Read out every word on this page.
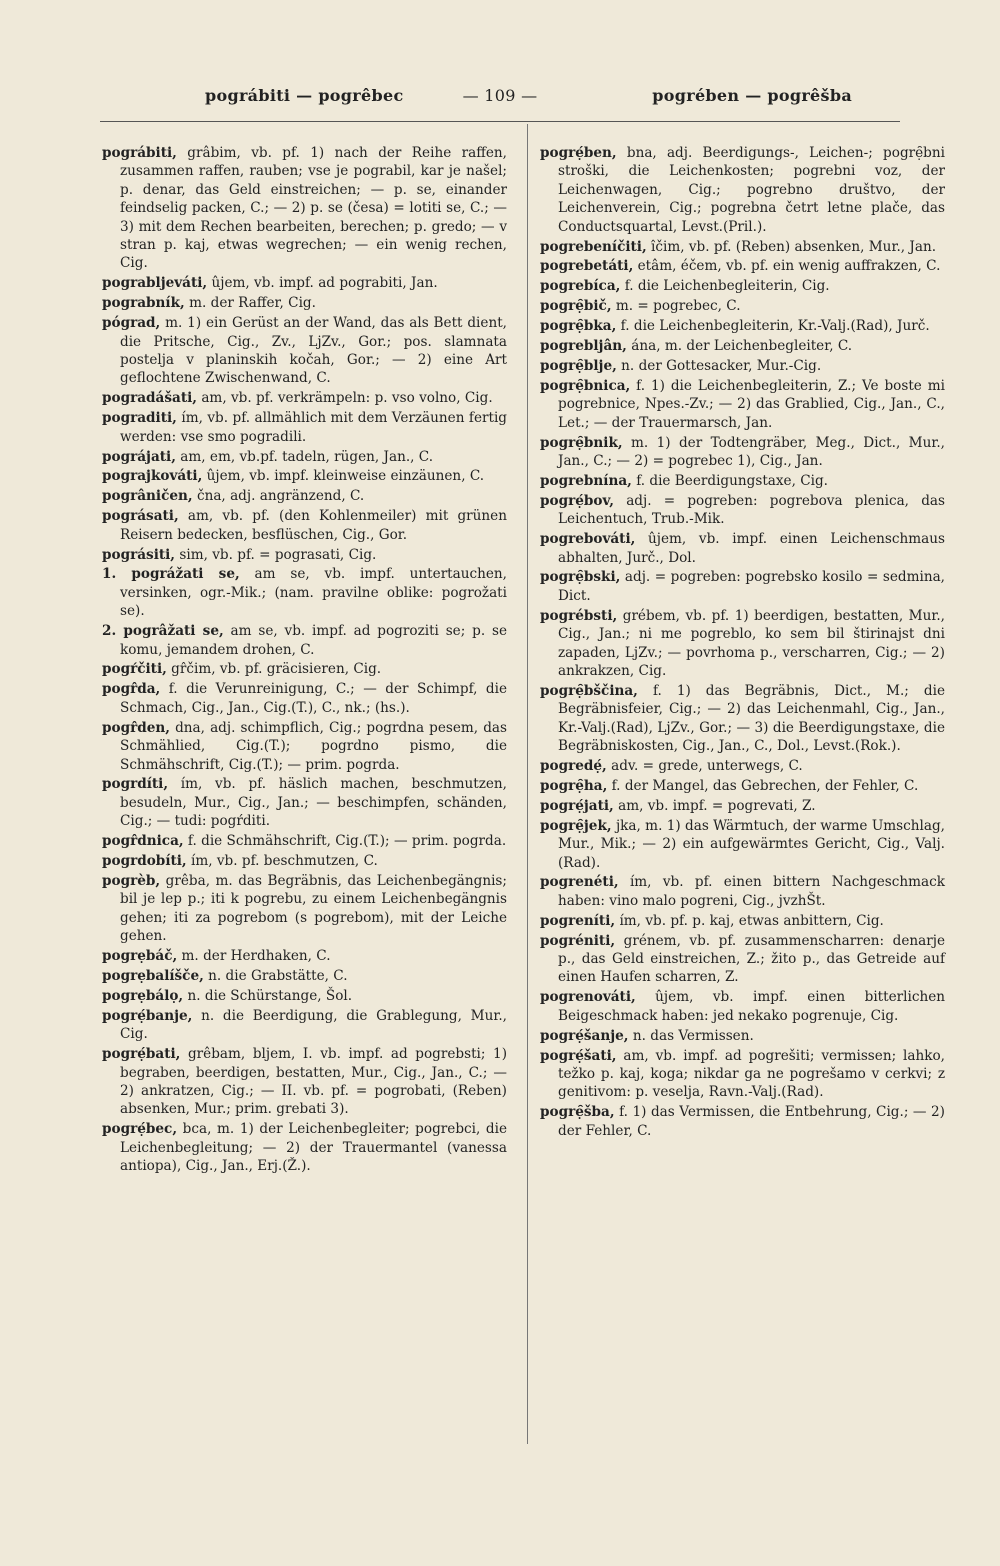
pográbiti — pogrêbec	— 109 —	pogrében — pogrêšba
pográbiti, grâbim, vb. pf. 1) nach der Reihe raffen, zusammen raffen, rauben; vse je pograbil, kar je našel; p. denar, das Geld einstreichen; — p. se, einander feindselig packen, C.; — 2) p. se (česa) = lotiti se, C.; — 3) mit dem Rechen bearbeiten, berechen; p. gredo; — v stran p. kaj, etwas wegrechen; — ein wenig rechen, Cig.
pograbljeváti, ûjem, vb. impf. ad pograbiti, Jan.
pograbník, m. der Raffer, Cig.
pógrad, m. 1) ein Gerüst an der Wand, das als Bett dient, die Pritsche, Cig., Zv., LjZv., Gor.; pos. slamnata postelja v planinskih kočah, Gor.; — 2) eine Art geflochtene Zwischenwand, C.
pogradášati, am, vb. pf. verkrämpeln: p. vso volno, Cig.
pograditi, ím, vb. pf. allmählich mit dem Verzäunen fertig werden: vse smo pogradili.
pográjati, am, em, vb.pf. tadeln, rügen, Jan., C.
pograjkováti, ûjem, vb. impf. kleinweise einzäunen, C.
pogrâničen, čna, adj. angränzend, C.
pográsati, am, vb. pf. (den Kohlenmeiler) mit grünen Reisern bedecken, besflüschen, Cig., Gor.
pográsiti, sim, vb. pf. = pograsati, Cig.
1. pográžati se, am se, vb. impf. untertauchen, versinken, ogr.-Mik.; (nam. pravilne oblike: pogrožati se).
2. pogrâžati se, am se, vb. impf. ad pogroziti se; p. se komu, jemandem drohen, C.
pogŕčiti, gr̂čim, vb. pf. gräcisieren, Cig.
pogr̂da, f. die Verunreinigung, C.; — der Schimpf, die Schmach, Cig., Jan., Cig.(T.), C., nk.; (hs.).
pogr̂den, dna, adj. schimpflich, Cig.; pogrdna pesem, das Schmählied, Cig.(T.); pogrdno pismo, die Schmähschrift, Cig.(T.); — prim. pogrda.
pogrdíti, ím, vb. pf. häslich machen, beschmutzen, besudeln, Mur., Cig., Jan.; — beschimpfen, schänden, Cig.; — tudi: pogŕditi.
pogr̂dnica, f. die Schmähschrift, Cig.(T.); — prim. pogrda.
pogrdobíti, ím, vb. pf. beschmutzen, C.
pogrèb, grêba, m. das Begräbnis, das Leichenbegängnis; bil je lep p.; iti k pogrebu, zu einem Leichenbegängnis gehen; iti za pogrebom (s pogrebom), mit der Leiche gehen.
pogrẹbáč, m. der Herdhaken, C.
pogrẹbalíšče, n. die Grabstätte, C.
pogrẹbálọ, n. die Schürstange, Šol.
pogrẹ́banje, n. die Beerdigung, die Grablegung, Mur., Cig.
pogrẹ́bati, grêbam, bljem, I. vb. impf. ad pogrebsti; 1) begraben, beerdigen, bestatten, Mur., Cig., Jan., C.; — 2) ankratzen, Cig.; — II. vb. pf. = pogrobati, (Reben) absenken, Mur.; prim. grebati 3).
pogrẹ́bec, bca, m. 1) der Leichenbegleiter; pogrebci, die Leichenbegleitung; — 2) der Trauermantel (vanessa antiopa), Cig., Jan., Erj.(Ž.).
pogrẹ́ben, bna, adj. Beerdigungs-, Leichen-; pogrẹ̑bni stroški, die Leichenkosten; pogrebni voz, der Leichenwagen, Cig.; pogrebno društvo, der Leichenverein, Cig.; pogrebna četrt letne plače, das Conductsquartal, Levst.(Pril.).
pogrebeníčiti, îčim, vb. pf. (Reben) absenken, Mur., Jan.
pogrebetáti, etâm, éčem, vb. pf. ein wenig auffrakzen, C.
pogrebíca, f. die Leichenbegleiterin, Cig.
pogrẹ̑bič, m. = pogrebec, C.
pogrẹ̑bka, f. die Leichenbegleiterin, Kr.-Valj.(Rad), Jurč.
pogrebljân, ána, m. der Leichenbegleiter, C.
pogrẹ̑blje, n. der Gottesacker, Mur.-Cig.
pogrẹ̑bnica, f. 1) die Leichenbegleiterin, Z.; Ve boste mi pogrebnice, Npes.-Zv.; — 2) das Grablied, Cig., Jan., C., Let.; — der Trauermarsch, Jan.
pogrẹ̑bnik, m. 1) der Todtengräber, Meg., Dict., Mur., Jan., C.; — 2) = pogrebec 1), Cig., Jan.
pogrebnína, f. die Beerdigungstaxe, Cig.
pogrẹ́bov, adj. = pogreben: pogrebova plenica, das Leichentuch, Trub.-Mik.
pogrebováti, ûjem, vb. impf. einen Leichenschmaus abhalten, Jurč., Dol.
pogrẹ̑bski, adj. = pogreben: pogrebsko kosilo = sedmina, Dict.
pogrébsti, grébem, vb. pf. 1) beerdigen, bestatten, Mur., Cig., Jan.; ni me pogreblo, ko sem bil štirinajst dni zapaden, LjZv.; — povrhoma p., verscharren, Cig.; — 2) ankrakzen, Cig.
pogrẹ̑bščina, f. 1) das Begräbnis, Dict., M.; die Begräbnisfeier, Cig.; — 2) das Leichenmahl, Cig., Jan., Kr.-Valj.(Rad), LjZv., Gor.; — 3) die Beerdigungstaxe, die Begräbniskosten, Cig., Jan., C., Dol., Levst.(Rok.).
pogredẹ́, adv. = grede, unterwegs, C.
pogrẹ̑ha, f. der Mangel, das Gebrechen, der Fehler, C.
pogrẹ́jati, am, vb. impf. = pogrevati, Z.
pogrẹ̑jek, jka, m. 1) das Wärmtuch, der warme Umschlag, Mur., Mik.; — 2) ein aufgewärmtes Gericht, Cig., Valj.(Rad).
pogrenéti, ím, vb. pf. einen bittern Nachgeschmack haben: vino malo pogreni, Cig., jvzhŠt.
pogreníti, ím, vb. pf. p. kaj, etwas anbittern, Cig.
pogréniti, grénem, vb. pf. zusammenscharren: denarje p., das Geld einstreichen, Z.; žito p., das Getreide auf einen Haufen scharren, Z.
pogrenováti, ûjem, vb. impf. einen bitterlichen Beigeschmack haben: jed nekako pogrenuje, Cig.
pogrẹ́šanje, n. das Vermissen.
pogrẹ́šati, am, vb. impf. ad pogrešiti; vermissen; lahko, težko p. kaj, koga; nikdar ga ne pogrešamo v cerkvi; z genitivom: p. veselja, Ravn.-Valj.(Rad).
pogrẹ̑šba, f. 1) das Vermissen, die Entbehrung, Cig.; — 2) der Fehler, C.
